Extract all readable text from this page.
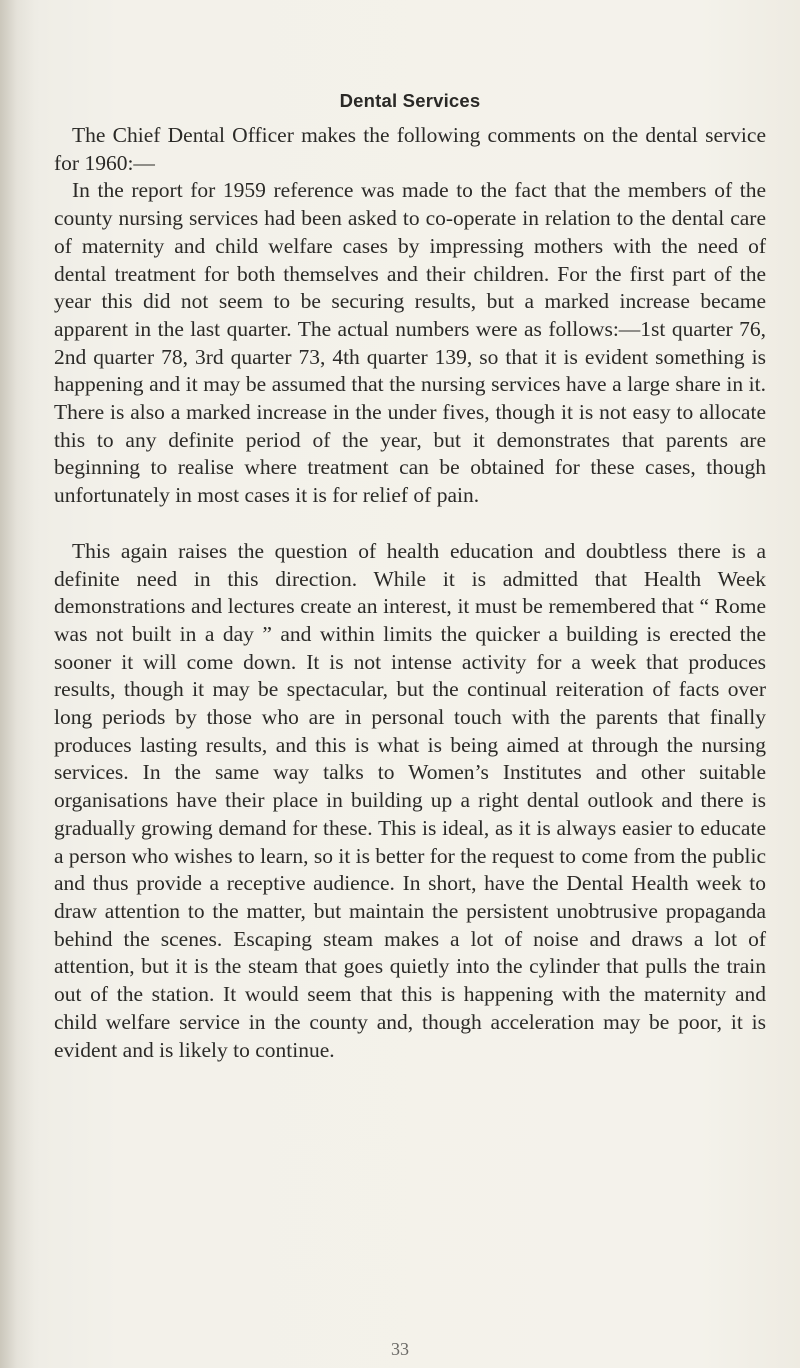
Dental Services

The Chief Dental Officer makes the following comments on the dental service for 1960:—

In the report for 1959 reference was made to the fact that the members of the county nursing services had been asked to co-operate in relation to the dental care of maternity and child welfare cases by impressing mothers with the need of dental treatment for both themselves and their children. For the first part of the year this did not seem to be securing results, but a marked increase became apparent in the last quarter. The actual numbers were as follows:—1st quarter 76, 2nd quarter 78, 3rd quarter 73, 4th quarter 139, so that it is evident something is happening and it may be assumed that the nursing services have a large share in it. There is also a marked increase in the under fives, though it is not easy to allocate this to any definite period of the year, but it demonstrates that parents are beginning to realise where treatment can be obtained for these cases, though unfortunately in most cases it is for relief of pain.

This again raises the question of health education and doubtless there is a definite need in this direction. While it is admitted that Health Week demonstrations and lectures create an interest, it must be remembered that “ Rome was not built in a day ” and within limits the quicker a building is erected the sooner it will come down. It is not intense activity for a week that produces results, though it may be spectacular, but the continual reiteration of facts over long periods by those who are in personal touch with the parents that finally produces lasting results, and this is what is being aimed at through the nursing services. In the same way talks to Women’s Institutes and other suitable organisations have their place in building up a right dental outlook and there is gradually growing demand for these. This is ideal, as it is always easier to educate a person who wishes to learn, so it is better for the request to come from the public and thus provide a receptive audience. In short, have the Dental Health week to draw attention to the matter, but maintain the persistent unobtrusive propaganda behind the scenes. Escaping steam makes a lot of noise and draws a lot of attention, but it is the steam that goes quietly into the cylinder that pulls the train out of the station. It would seem that this is happening with the maternity and child welfare service in the county and, though acceleration may be poor, it is evident and is likely to continue.

33
